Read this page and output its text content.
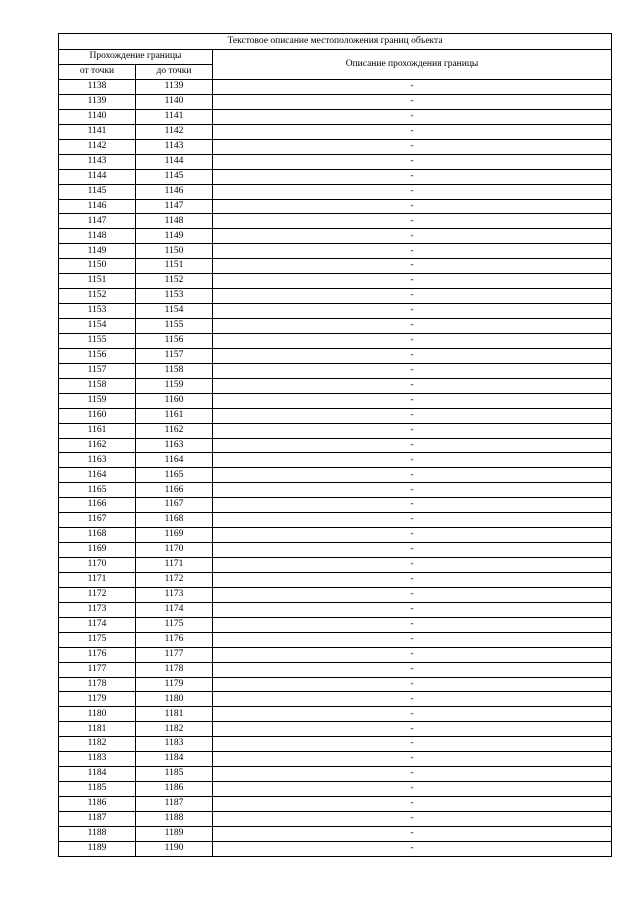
Текстовое описание местоположения границ объекта		
Прохождение границы		Описание прохождения границы
от точки	до точки	
1138	1139	-
1139	1140	-
1140	1141	-
1141	1142	-
1142	1143	-
1143	1144	-
1144	1145	-
1145	1146	-
1146	1147	-
1147	1148	-
1148	1149	-
1149	1150	-
1150	1151	-
1151	1152	-
1152	1153	-
1153	1154	-
1154	1155	-
1155	1156	-
1156	1157	-
1157	1158	-
1158	1159	-
1159	1160	-
1160	1161	-
1161	1162	-
1162	1163	-
1163	1164	-
1164	1165	-
1165	1166	-
1166	1167	-
1167	1168	-
1168	1169	-
1169	1170	-
1170	1171	-
1171	1172	-
1172	1173	-
1173	1174	-
1174	1175	-
1175	1176	-
1176	1177	-
1177	1178	-
1178	1179	-
1179	1180	-
1180	1181	-
1181	1182	-
1182	1183	-
1183	1184	-
1184	1185	-
1185	1186	-
1186	1187	-
1187	1188	-
1188	1189	-
1189	1190	-
